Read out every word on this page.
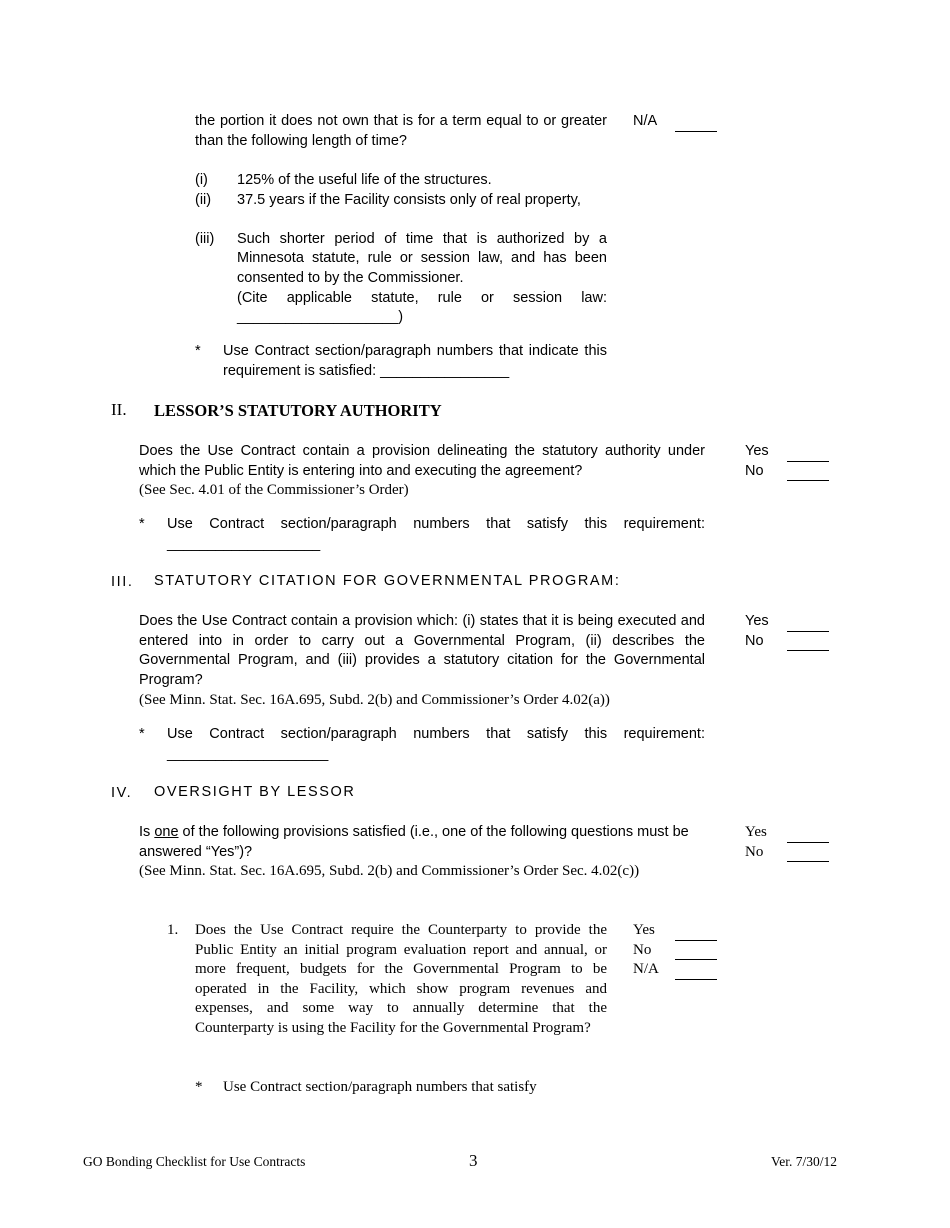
the portion it does not own that is for a term equal to or greater than the following length of time?
N/A
(i) 125% of the useful life of the structures.
(ii) 37.5 years if the Facility consists only of real property,
(iii) Such shorter period of time that is authorized by a Minnesota statute, rule or session law, and has been consented to by the Commissioner.
(Cite applicable statute, rule or session law: ____________________)
* Use Contract section/paragraph numbers that indicate this requirement is satisfied: ________________
II. LESSOR’S STATUTORY AUTHORITY
Does the Use Contract contain a provision delineating the statutory authority under which the Public Entity is entering into and executing the agreement?
(See Sec. 4.01 of the Commissioner’s Order)
Yes
No
* Use Contract section/paragraph numbers that satisfy this requirement: ___________________
III. STATUTORY CITATION FOR GOVERNMENTAL PROGRAM:
Does the Use Contract contain a provision which: (i) states that it is being executed and entered into in order to carry out a Governmental Program, (ii) describes the Governmental Program, and (iii) provides a statutory citation for the Governmental Program?
(See Minn. Stat. Sec. 16A.695, Subd. 2(b) and Commissioner’s Order 4.02(a))
Yes
No
* Use Contract section/paragraph numbers that satisfy this requirement: ____________________
IV. OVERSIGHT BY LESSOR
Is one of the following provisions satisfied (i.e., one of the following questions must be answered “Yes”)?
(See Minn. Stat. Sec. 16A.695, Subd. 2(b) and Commissioner’s Order Sec. 4.02(c))
Yes
No
1. Does the Use Contract require the Counterparty to provide the Public Entity an initial program evaluation report and annual, or more frequent, budgets for the Governmental Program to be operated in the Facility, which show program revenues and expenses, and some way to annually determine that the Counterparty is using the Facility for the Governmental Program?
Yes
No
N/A
* Use Contract section/paragraph numbers that satisfy
GO Bonding Checklist for Use Contracts	3	Ver. 7/30/12
